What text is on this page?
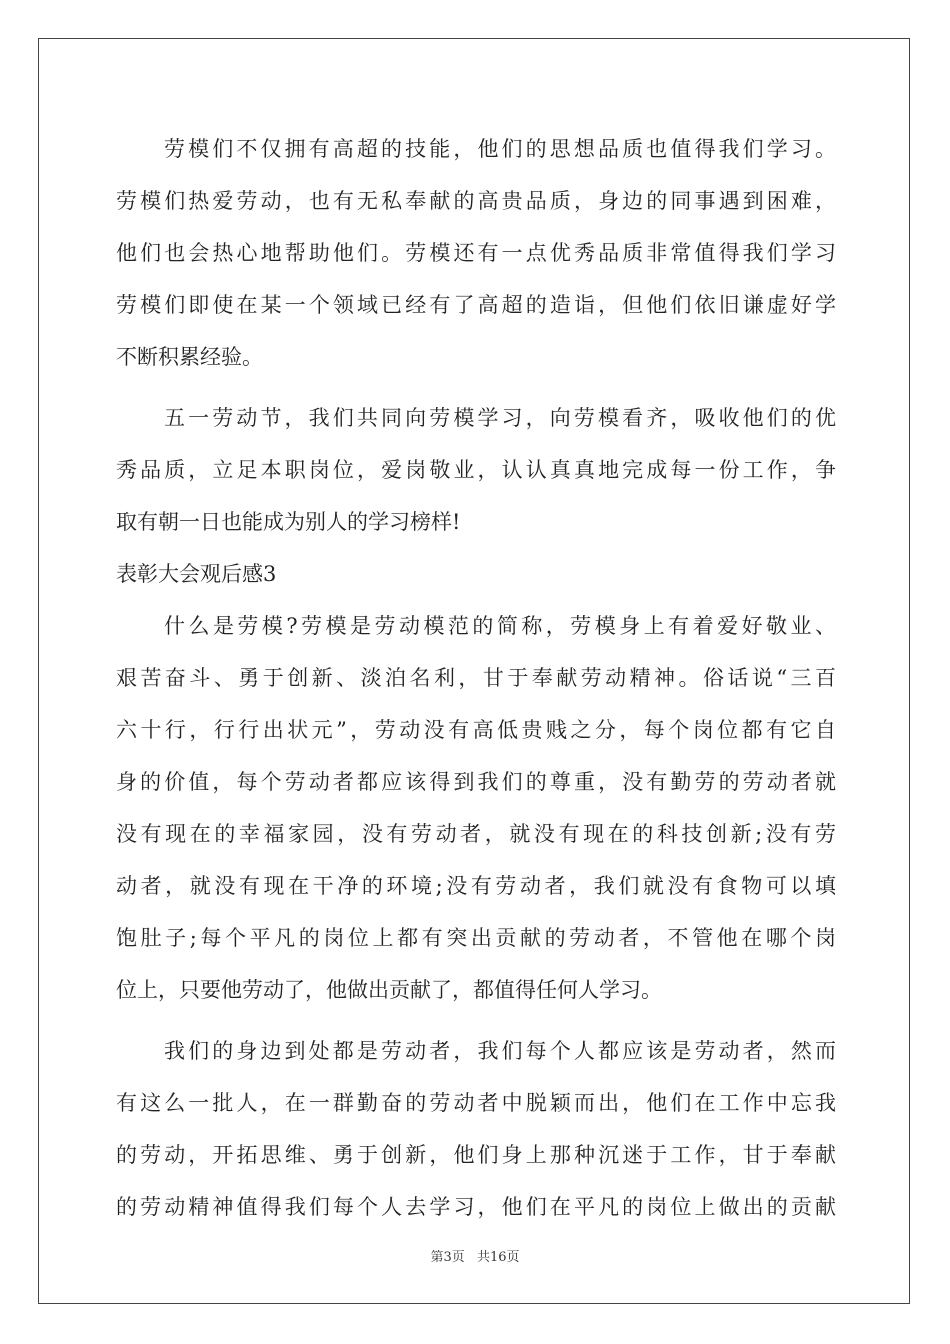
劳模们不仅拥有高超的技能，他们的思想品质也值得我们学习。
劳模们热爱劳动，也有无私奉献的高贵品质，身边的同事遇到困难，
他们也会热心地帮助他们。劳模还有一点优秀品质非常值得我们学习
劳模们即使在某一个领域已经有了高超的造诣，但他们依旧谦虚好学
不断积累经验。
五一劳动节，我们共同向劳模学习，向劳模看齐，吸收他们的优
秀品质，立足本职岗位，爱岗敬业，认认真真地完成每一份工作，争
取有朝一日也能成为别人的学习榜样!
表彰大会观后感3
什么是劳模?劳模是劳动模范的简称，劳模身上有着爱好敬业、
艰苦奋斗、勇于创新、淡泊名利，甘于奉献劳动精神。俗话说“三百
六十行，行行出状元”，劳动没有高低贵贱之分，每个岗位都有它自
身的价值，每个劳动者都应该得到我们的尊重，没有勤劳的劳动者就
没有现在的幸福家园，没有劳动者，就没有现在的科技创新;没有劳
动者，就没有现在干净的环境;没有劳动者，我们就没有食物可以填
饱肚子;每个平凡的岗位上都有突出贡献的劳动者，不管他在哪个岗
位上，只要他劳动了，他做出贡献了，都值得任何人学习。
我们的身边到处都是劳动者，我们每个人都应该是劳动者，然而
有这么一批人，在一群勤奋的劳动者中脱颖而出，他们在工作中忘我
的劳动，开拓思维、勇于创新，他们身上那种沉迷于工作，甘于奉献
的劳动精神值得我们每个人去学习，他们在平凡的岗位上做出的贡献
第3页 共16页
